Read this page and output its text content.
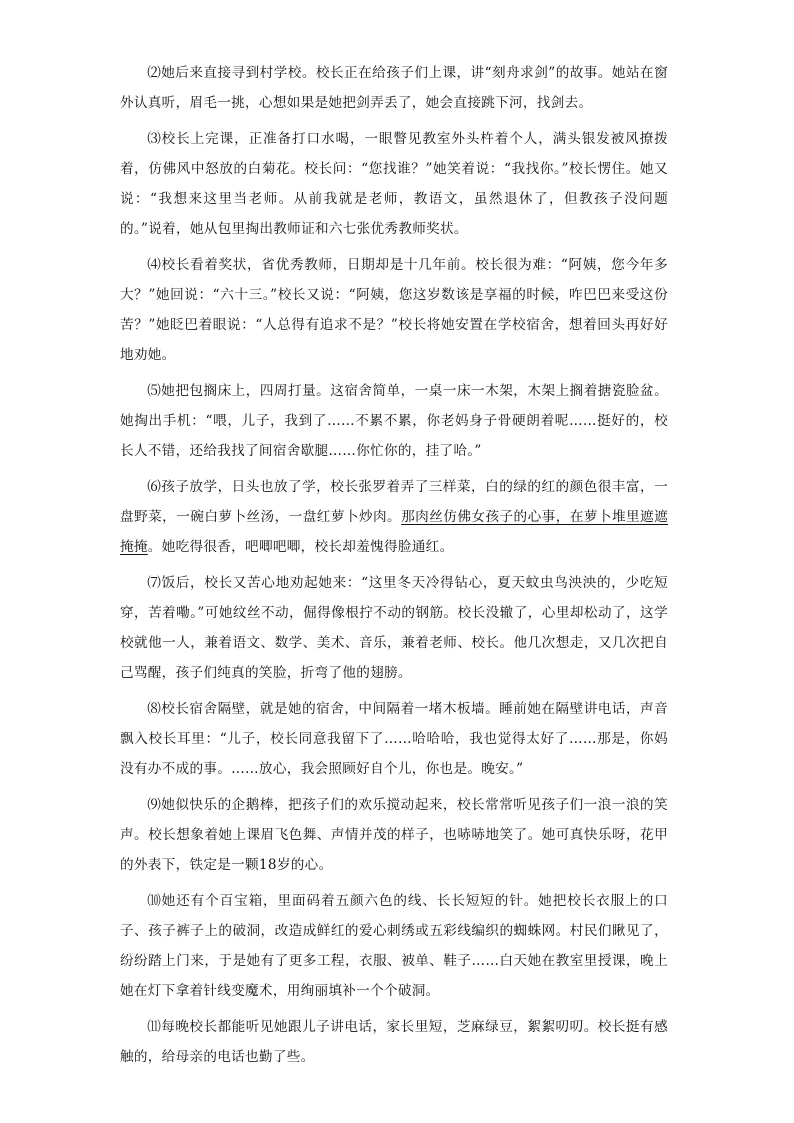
⑵她后来直接寻到村学校。校长正在给孩子们上课，讲“刻舟求剑”的故事。她站在窗外认真听，眉毛一挑，心想如果是她把剑弄丢了，她会直接跳下河，找剑去。

⑶校长上完课，正准备打口水喝，一眼瞥见教室外头杵着个人，满头银发被风撩拨着，仿佛风中怒放的白菊花。校长问：“您找谁？”她笑着说：“我找你。”校长愣住。她又说：“我想来这里当老师。从前我就是老师，教语文，虽然退休了，但教孩子没问题的。”说着，她从包里掏出教师证和六七张优秀教师奖状。

⑷校长看着奖状，省优秀教师，日期却是十几年前。校长很为难：“阿姨，您今年多大？”她回说：“六十三。”校长又说：“阿姨，您这岁数该是享福的时候，咋巴巴来受这份苦？”她眨巴着眼说：“人总得有追求不是？”校长将她安置在学校宿舍，想着回头再好好地劝她。

⑸她把包搁床上，四周打量。这宿舍简单，一桌一床一木架，木架上搁着搪瓷脸盆。她掏出手机：“喂，儿子，我到了……不累不累，你老妈身子骨硬朗着呢……挺好的，校长人不错，还给我找了间宿舍歇腿……你忙你的，挂了哈。”

⑹孩子放学，日头也放了学，校长张罗着弄了三样菜，白的绿的红的颜色很丰富，一盘野菜，一碗白萝卜丝汤，一盘红萝卜炒肉。那肉丝仿佛女孩子的心事，在萝卜堆里遮遮掩掩。她吃得很香，吧唧吧唧，校长却羞愧得脸通红。

⑺饭后，校长又苦心地劝起她来：“这里冬天冷得钻心，夏天蚊虫鸟泱泱的，少吃短穿，苦着嘞。”可她纹丝不动，倔得像根拧不动的钢筋。校长没辙了，心里却松动了，这学校就他一人，兼着语文、数学、美术、音乐，兼着老师、校长。他几次想走，又几次把自己骂醒，孩子们纯真的笑脸，折弯了他的翅膀。

⑻校长宿舍隔壁，就是她的宿舍，中间隔着一堵木板墙。睡前她在隔壁讲电话，声音飘入校长耳里：“儿子，校长同意我留下了……哈哈哈，我也觉得太好了……那是，你妈没有办不成的事。……放心，我会照顾好自个儿，你也是。晚安。”

⑼她似快乐的企鹅棒，把孩子们的欢乐搅动起来，校长常常听见孩子们一浪一浪的笑声。校长想象着她上课眉飞色舞、声情并茂的样子，也哧哧地笑了。她可真快乐呀，花甲的外表下，铁定是一颗18岁的心。

⑽她还有个百宝箱，里面码着五颜六色的线、长长短短的针。她把校长衣服上的口子、孩子裤子上的破洞，改造成鲜红的爱心刺绣或五彩线编织的蜘蛛网。村民们瞅见了，纷纷踏上门来，于是她有了更多工程，衣服、被单、鞋子……白天她在教室里授课，晚上她在灯下拿着针线变魔术，用绚丽填补一个个破洞。

⑾每晚校长都能听见她跟儿子讲电话，家长里短，芝麻绿豆，絮絮叨叨。校长挺有感触的，给母亲的电话也勤了些。
